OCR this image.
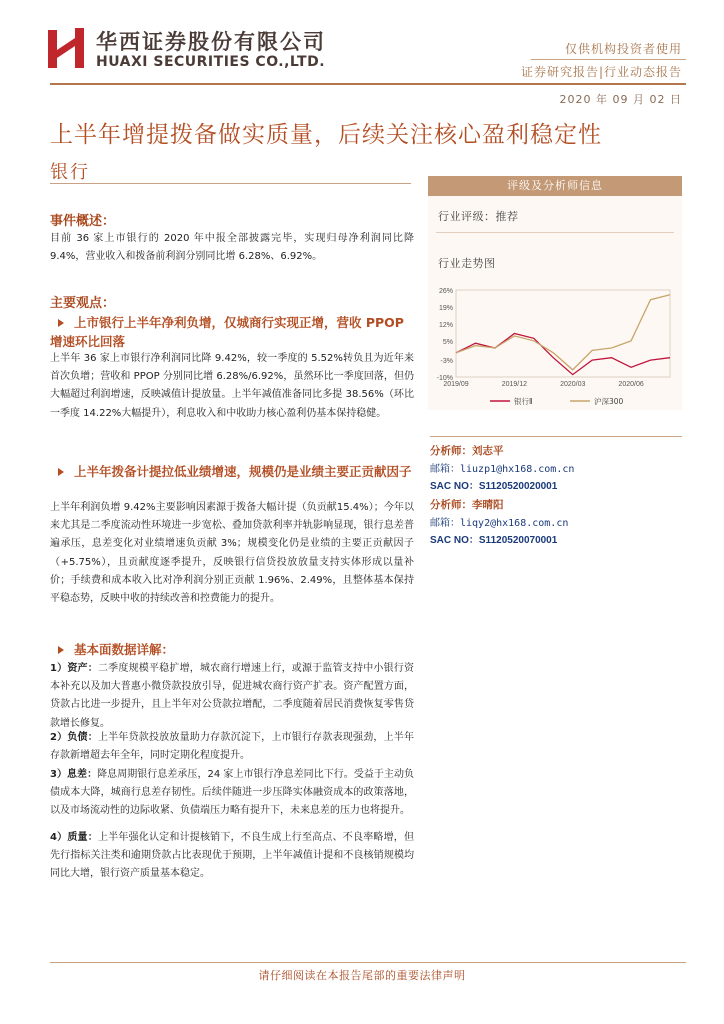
华西证券股份有限公司
HUAXI SECURITIES CO.,LTD.
仅供机构投资者使用
证券研究报告|行业动态报告
2020 年 09 月 02 日
上半年增提拨备做实质量，后续关注核心盈利稳定性
银行
事件概述：
目前 36 家上市银行的 2020 年中报全部披露完毕，实现归母净利润同比降 9.4%，营业收入和拨备前利润分别同比增 6.28%、6.92%。
主要观点：
上市银行上半年净利负增，仅城商行实现正增，营收 PPOP 增速环比回落
上半年 36 家上市银行净利润同比降 9.42%，较一季度的 5.52%转负且为近年来首次负增；营收和 PPOP 分别同比增 6.28%/6.92%，虽然环比一季度回落，但仍大幅超过利润增速，反映减值计提放量。上半年减值准备同比多提 38.56%（环比一季度 14.22%大幅提升），利息收入和中收助力核心盈利仍基本保持稳健。
上半年拨备计提拉低业绩增速，规模仍是业绩主要正贡献因子
上半年利润负增 9.42%主要影响因素源于拨备大幅计提（负贡献15.4%）；今年以来尤其是二季度流动性环境进一步宽松、叠加贷款利率并轨影响显现，银行息差普遍承压，息差变化对业绩增速负贡献 3%；规模变化仍是业绩的主要正贡献因子（+5.75%），且贡献度逐季提升，反映银行信贷投放放量支持实体形成以量补价；手续费和成本收入比对净利润分别正贡献 1.96%、2.49%，且整体基本保持平稳态势，反映中收的持续改善和控费能力的提升。
基本面数据详解：
1）资产：二季度规模平稳扩增，城农商行增速上行，或源于监管支持中小银行资本补充以及加大普惠小微贷款投放引导，促进城农商行资产扩表。资产配置方面，贷款占比进一步提升，且上半年对公贷款拉增配，二季度随着居民消费恢复零售贷款增长修复。
2）负债：上半年贷款投放放量助力存款沉淀下，上市银行存款表现强劲，上半年存款新增超去年全年，同时定期化程度提升。
3）息差：降息周期银行息差承压，24 家上市银行净息差同比下行。受益于主动负债成本大降，城商行息差存韧性。后续伴随进一步压降实体融资成本的政策落地，以及市场流动性的边际收紧、负债端压力略有提升下，未来息差的压力也将提升。
4）质量：上半年强化认定和计提核销下，不良生成上行至高点、不良率略增，但先行指标关注类和逾期贷款占比表现优于预期，上半年减值计提和不良核销规模均同比大增，银行资产质量基本稳定。
评级及分析师信息
行业评级：推荐
行业走势图
26%
19%
12%
5%
-3%
-10%
2019/09	2019/12	2020/03	2020/06
银行Ⅱ	沪深300
分析师：刘志平
邮箱：liuzp1@hx168.com.cn
SAC NO：S1120520020001
分析师：李晴阳
邮箱：liqy2@hx168.com.cn
SAC NO：S1120520070001
请仔细阅读在本报告尾部的重要法律声明
